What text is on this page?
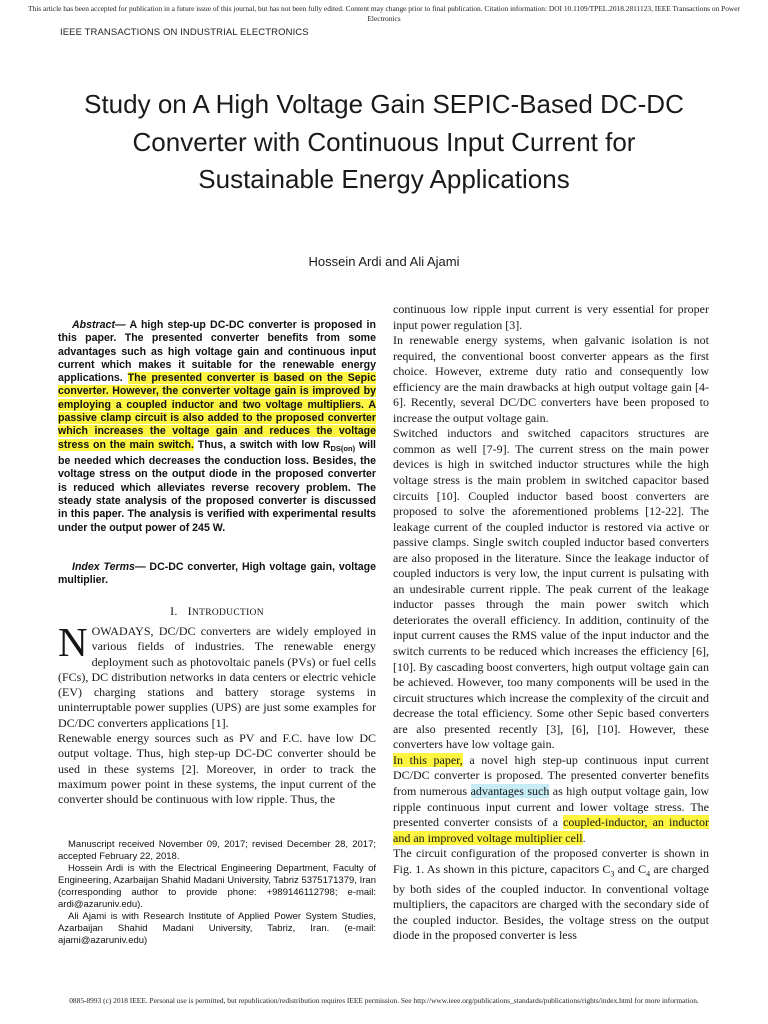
This article has been accepted for publication in a future issue of this journal, but has not been fully edited. Content may change prior to final publication. Citation information: DOI 10.1109/TPEL.2018.2811123, IEEE Transactions on Power Electronics
IEEE TRANSACTIONS ON INDUSTRIAL ELECTRONICS
Study on A High Voltage Gain SEPIC-Based DC-DC Converter with Continuous Input Current for Sustainable Energy Applications
Hossein Ardi and Ali Ajami
Abstract— A high step-up DC-DC converter is proposed in this paper. The presented converter benefits from some advantages such as high voltage gain and continuous input current which makes it suitable for the renewable energy applications. The presented converter is based on the Sepic converter. However, the converter voltage gain is improved by employing a coupled inductor and two voltage multipliers. A passive clamp circuit is also added to the proposed converter which increases the voltage gain and reduces the voltage stress on the main switch. Thus, a switch with low $R_{DS(on)}$ will be needed which decreases the conduction loss. Besides, the voltage stress on the output diode in the proposed converter is reduced which alleviates reverse recovery problem. The steady state analysis of the proposed converter is discussed in this paper. The analysis is verified with experimental results under the output power of 245 W.
Index Terms— DC-DC converter, High voltage gain, voltage multiplier.
I. INTRODUCTION

NOWADAYS, DC/DC converters are widely employed in various fields of industries. The renewable energy deployment such as photovoltaic panels (PVs) or fuel cells (FCs), DC distribution networks in data centers or electric vehicle (EV) charging stations and battery storage systems in uninterruptable power supplies (UPS) are just some examples for DC/DC converters applications [1].

Renewable energy sources such as PV and F.C. have low DC output voltage. Thus, high step-up DC-DC converter should be used in these systems [2]. Moreover, in order to track the maximum power point in these systems, the input current of the converter should be continuous with low ripple. Thus, the

Manuscript received November 09, 2017; revised December 28, 2017; accepted February 22, 2018.

Hossein Ardi is with the Electrical Engineering Department, Faculty of Engineering, Azarbaijan Shahid Madani University, Tabriz 5375171379, Iran (corresponding author to provide phone: +989146112798; e-mail: ardi@azaruniv.edu).

Ali Ajami is with Research Institute of Applied Power System Studies, Azarbaijan Shahid Madani University, Tabriz, Iran. (e-mail: ajami@azaruniv.edu)

continuous low ripple input current is very essential for proper input power regulation [3].

In renewable energy systems, when galvanic isolation is not required, the conventional boost converter appears as the first choice. However, extreme duty ratio and consequently low efficiency are the main drawbacks at high output voltage gain [4-6]. Recently, several DC/DC converters have been proposed to increase the output voltage gain.

Switched inductors and switched capacitors structures are common as well [7-9]. The current stress on the main power devices is high in switched inductor structures while the high voltage stress is the main problem in switched capacitor based circuits [10]. Coupled inductor based boost converters are proposed to solve the aforementioned problems [12-22]. The leakage current of the coupled inductor is restored via active or passive clamps. Single switch coupled inductor based converters are also proposed in the literature. Since the leakage inductor of coupled inductors is very low, the input current is pulsating with an undesirable current ripple. The peak current of the leakage inductor passes through the main power switch which deteriorates the overall efficiency. In addition, continuity of the input current causes the RMS value of the input inductor and the switch currents to be reduced which increases the efficiency [6], [10]. By cascading boost converters, high output voltage gain can be achieved. However, too many components will be used in the circuit structures which increase the complexity of the circuit and decrease the total efficiency. Some other Sepic based converters are also presented recently [3], [6], [10]. However, these converters have low voltage gain.

In this paper, a novel high step-up continuous input current DC/DC converter is proposed. The presented converter benefits from numerous advantages such as high output voltage gain, low ripple continuous input current and lower voltage stress. The presented converter consists of a coupled-inductor, an inductor and an improved voltage multiplier cell.

The circuit configuration of the proposed converter is shown in Fig. 1. As shown in this picture, capacitors $C_3$ and $C_4$ are charged by both sides of the coupled inductor. In conventional voltage multipliers, the capacitors are charged with the secondary side of the coupled inductor. Besides, the voltage stress on the output diode in the proposed converter is less

0885-8993 (c) 2018 IEEE. Personal use is permitted, but republication/redistribution requires IEEE permission. See http://www.ieee.org/publications_standards/publications/rights/index.html for more information.
